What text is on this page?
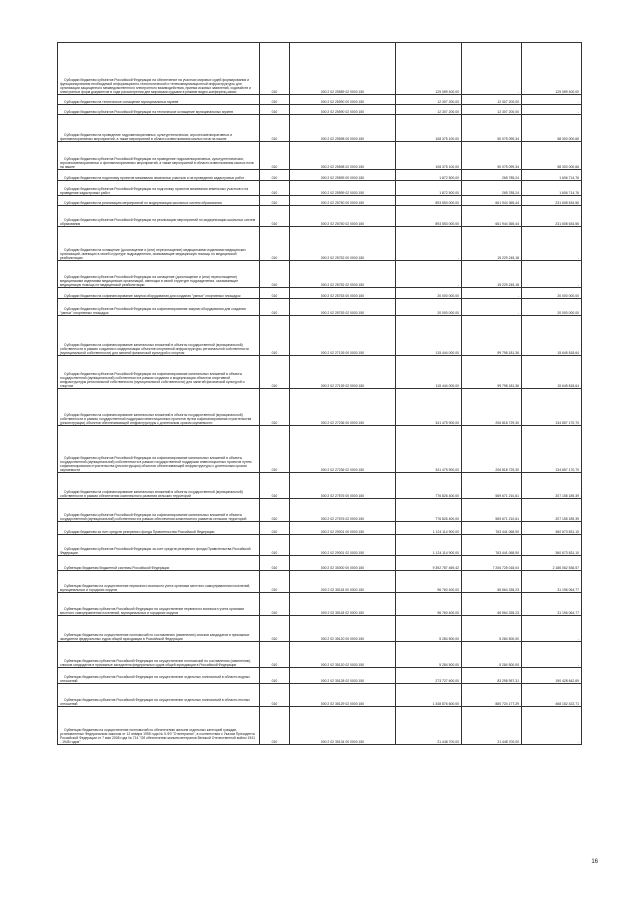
Субсидии бюджетам субъектов Российской Федерации на обеспечение на участках мировых судей формирования и функционирования необходимой информационно-технологической и телекоммуникационной инфраструктуры для организации защищенного межведомственного электронного взаимодействия, приема исковых заявлений, ходатайств и электронных форм документов в ходе рассмотрения дел мировыми судьями в режиме видео-конференц-связи	010	000 2 02 25589 02 0000 150	125 089 400,00	-	125 089 400,00

Субсидии бюджетам на техническое оснащение муниципальных музеев	010	000 2 02 25590 00 0000 150	12 307 200,00	12 307 200,00	-

Субсидии бюджетам субъектов Российской Федерации на техническое оснащение муниципальных музеев	010	000 2 02 25590 02 0000 150	12 307 200,00	12 307 200,00	-

Субсидии бюджетам на проведение гидромелиоративных, культуртехнических, агролесомелиоративных и фитомелиоративных мероприятий, а также мероприятий в области известкования кислых почв на пашне	010	000 2 02 25598 00 0000 150	108 375 100,00	50 075 099,34	58 300 000,66

Субсидии бюджетам субъектов Российской Федерации на проведение гидромелиоративных, культуртехнических, агролесомелиоративных и фитомелиоративных мероприятий, а также мероприятий в области известкования кислых почв на пашне	010	000 2 02 25598 02 0000 150	108 375 100,00	50 075 099,34	58 300 000,66

Субсидии бюджетам на подготовку проектов межевания земельных участков и на проведение кадастровых работ	010	000 2 02 25599 00 0000 150	1 872 500,00	265 785,24	1 606 714,76

Субсидии бюджетам субъектов Российской Федерации на подготовку проектов межевания земельных участков и на проведение кадастровых работ	010	000 2 02 25599 02 0000 150	1 872 500,00	265 785,24	1 606 714,76

Субсидии бюджетам на реализацию мероприятий по модернизации школьных систем образования	010	000 2 02 25750 00 0000 150	893 553 000,00	661 944 365,44	231 608 634,56

Субсидии бюджетам субъектов Российской Федерации на реализацию мероприятий по модернизации школьных систем образования	010	000 2 02 25750 02 0000 150	893 553 000,00	661 944 365,44	231 608 634,56

Субсидии бюджетам на оснащение (дооснащение и (или) переоснащение) медицинскими изделиями медицинских организаций, имеющих в своей структуре подразделения, оказывающие медицинскую помощь по медицинской реабилитации	010	000 2 02 25752 00 0000 150	-	15 229 245,18	-

Субсидии бюджетам субъектов Российской Федерации на оснащение (дооснащение и (или) переоснащение) медицинскими изделиями медицинских организаций, имеющих в своей структуре подразделения, оказывающие медицинскую помощь по медицинской реабилитации	010	000 2 02 25752 02 0000 150	-	15 229 245,18	-

Субсидии бюджетам на софинансирование закупки оборудования для создания "умных" спортивных площадок	010	000 2 02 25753 00 0000 150	20 000 000,00	-	20 000 000,00

Субсидии бюджетам субъектов Российской Федерации на софинансирование закупки оборудования для создания "умных" спортивных площадок	010	000 2 02 25753 02 0000 150	20 000 000,00	-	20 000 000,00

Субсидии бюджетам на софинансирование капитальных вложений в объекты государственной (муниципальной) собственности в рамках создания и модернизации объектов спортивной инфраструктуры региональной собственности (муниципальной собственности) для занятий физической культурой и спортом	010	000 2 02 27139 00 0000 150	115 444 000,00	99 798 181,36	15 645 818,64

Субсидии бюджетам субъектов Российской Федерации на софинансирование капитальных вложений в объекты государственной (муниципальной) собственности в рамках создания и модернизации объектов спортивной инфраструктуры региональной собственности (муниципальной собственности) для занятий физической культурой и спортом	010	000 2 02 27139 02 0000 150	115 444 000,00	99 798 181,36	15 645 818,64

Субсидии бюджетам на софинансирование капитальных вложений в объекты государственной (муниципальной) собственности в рамках государственной поддержки инвестиционных проектов путем софинансирования строительства (реконструкции) объектов обеспечивающей инфраструктуры с длительным сроком окупаемости	010	000 2 02 27236 00 0000 150	341 475 900,00	206 818 729,30	134 657 170,70

Субсидии бюджетам субъектов Российской Федерации на софинансирование капитальных вложений в объекты государственной (муниципальной) собственности в рамках государственной поддержки инвестиционных проектов путем софинансирования строительства (реконструкции) объектов обеспечивающей инфраструктуры с длительным сроком окупаемости	010	000 2 02 27236 02 0000 150	341 475 900,00	206 818 729,30	134 657 170,70

Субсидии бюджетам на софинансирование капитальных вложений в объекты государственной (муниципальной) собственности в рамках обеспечения комплексного развития сельских территорий	010	000 2 02 27576 00 0000 150	776 826 400,00	569 671 210,61	207 155 189,39

Субсидии бюджетам субъектов Российской Федерации на софинансирование капитальных вложений в объекты государственной (муниципальной) собственности в рамках обеспечения комплексного развития сельских территорий	010	000 2 02 27576 02 0000 150	776 826 400,00	569 671 210,61	207 155 189,39

Субсидии бюджетам за счет средств резервного фонда Правительства Российской Федерации	010	000 2 02 29001 00 0000 150	1 124 114 900,00	763 441 068,90	360 673 831,10

Субсидии бюджетам субъектов Российской Федерации за счет средств резервного фонда Правительства Российской Федерации	010	000 2 02 29001 02 0000 150	1 124 114 900,00	763 441 068,90	360 673 831,10

Субвенции бюджетам бюджетной системы Российской Федерации	010	000 2 02 30000 00 0000 150	9 392 787 469,42	7 206 725 018,04	2 186 062 536,57

Субвенции бюджетам на осуществление первичного воинского учета органами местного самоуправления поселений, муниципальных и городских округов	010	000 2 02 35118 00 0000 150	96 760 400,00	65 564 335,23	31 196 064,77

Субвенции бюджетам субъектов Российской Федерации на осуществление первичного воинского учета органами местного самоуправления поселений, муниципальных и городских округов	010	000 2 02 35118 02 0000 150	96 760 400,00	65 564 335,23	31 196 064,77

Субвенции бюджетам на осуществление полномочий по составлению (изменению) списков кандидатов в присяжные заседатели федеральных судов общей юрисдикции в Российской Федерации	010	000 2 02 35120 00 0000 150	5 284 500,00	5 284 500,00	-

Субвенции бюджетам субъектов Российской Федерации на осуществление полномочий по составлению (изменению) списков кандидатов в присяжные заседатели федеральных судов общей юрисдикции в Российской Федерации	010	000 2 02 35120 02 0000 150	5 284 500,00	5 284 500,00	-

Субвенции бюджетам субъектов Российской Федерации на осуществление отдельных полномочий в области водных отношений	010	000 2 02 35128 02 0000 150	273 727 600,00	83 298 957,31	190 428 642,69

Субвенции бюджетам субъектов Российской Федерации на осуществление отдельных полномочий в области лесных отношений	010	000 2 02 35129 02 0000 150	1 348 876 600,00	880 724 177,29	468 152 422,71

Субвенции бюджетам на осуществление полномочий по обеспечению жильем отдельных категорий граждан, установленных Федеральным законом от 12 января 1995 года № 5-ФЗ "О ветеранах", в соответствии с Указом Президента Российской Федерации от 7 мая 2008 года № 714 "Об обеспечении жильем ветеранов Великой Отечественной войны 1941 - 1945 годов"	010	000 2 02 35134 00 0000 150	21 448 700,00	21 448 700,00	-
16
